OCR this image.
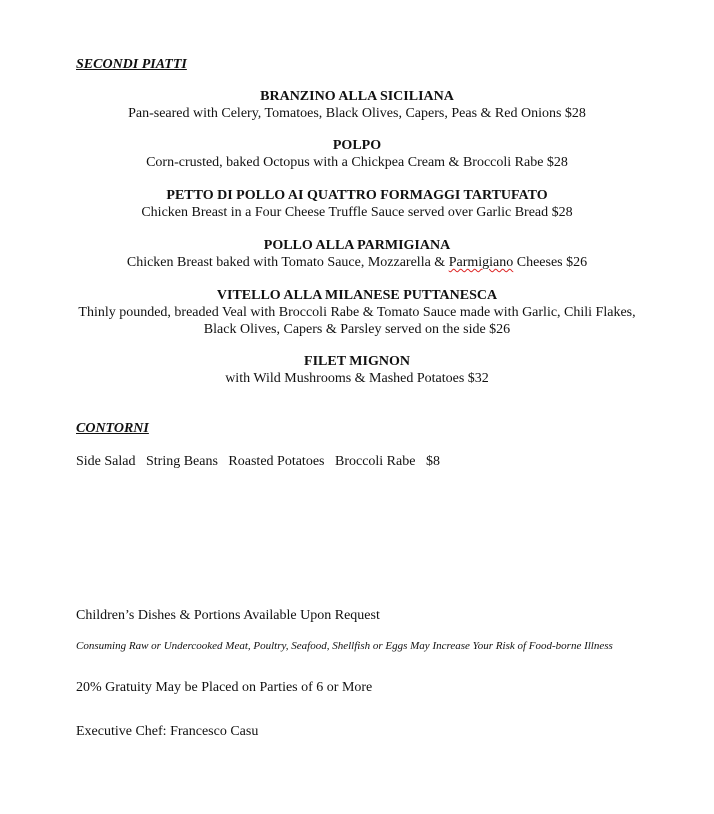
SECONDI PIATTI
BRANZINO ALLA SICILIANA
Pan-seared with Celery, Tomatoes, Black Olives, Capers, Peas & Red Onions $28
POLPO
Corn-crusted, baked Octopus with a Chickpea Cream & Broccoli Rabe $28
PETTO DI POLLO AI QUATTRO FORMAGGI TARTUFATO
Chicken Breast in a Four Cheese Truffle Sauce served over Garlic Bread $28
POLLO ALLA PARMIGIANA
Chicken Breast baked with Tomato Sauce, Mozzarella & Parmigiano Cheeses $26
VITELLO ALLA MILANESE PUTTANESCA
Thinly pounded, breaded Veal with Broccoli Rabe & Tomato Sauce made with Garlic, Chili Flakes,
Black Olives, Capers & Parsley served on the side $26
FILET MIGNON
with Wild Mushrooms & Mashed Potatoes $32
CONTORNI
Side Salad   String Beans   Roasted Potatoes   Broccoli Rabe   $8
Children’s Dishes & Portions Available Upon Request
Consuming Raw or Undercooked Meat, Poultry, Seafood, Shellfish or Eggs May Increase Your Risk of Food-borne Illness
20% Gratuity May be Placed on Parties of 6 or More
Executive Chef: Francesco Casu
